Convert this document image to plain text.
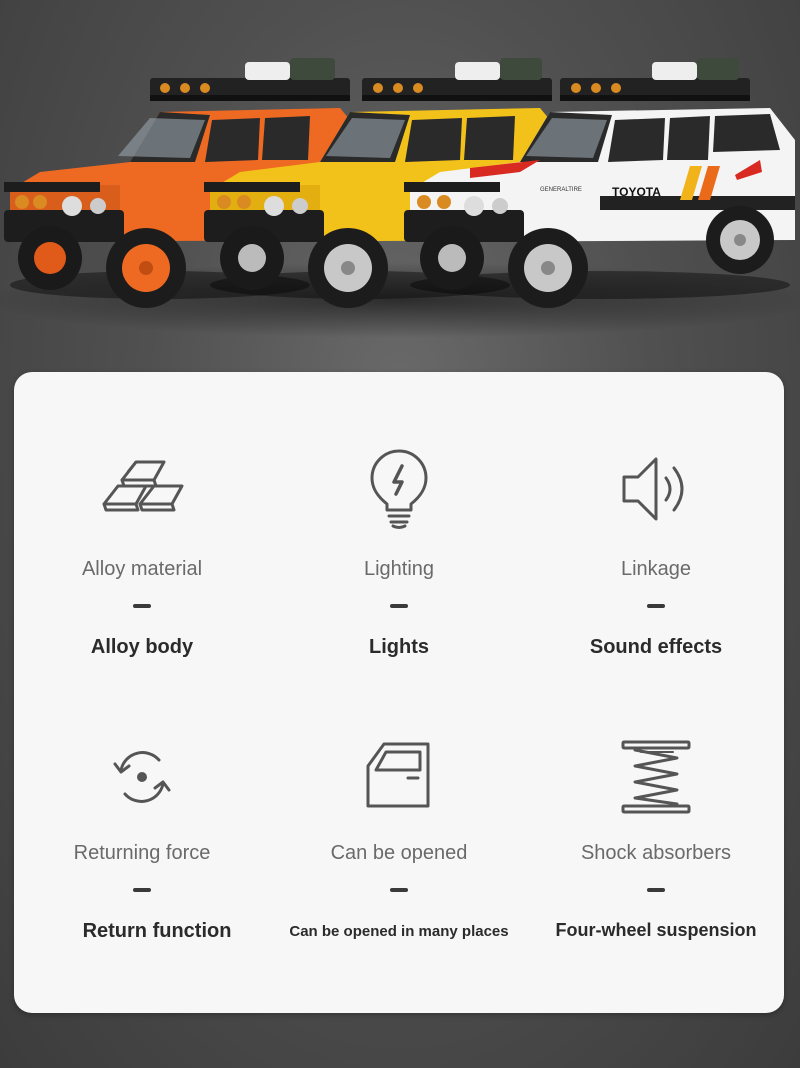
TOYOTA
GENERALTIRE
Alloy material
Alloy body
Lighting
Lights
Linkage
Sound effects
Returning force
Return function
Can be opened
Can be opened in many places
Shock absorbers
Four-wheel suspension
